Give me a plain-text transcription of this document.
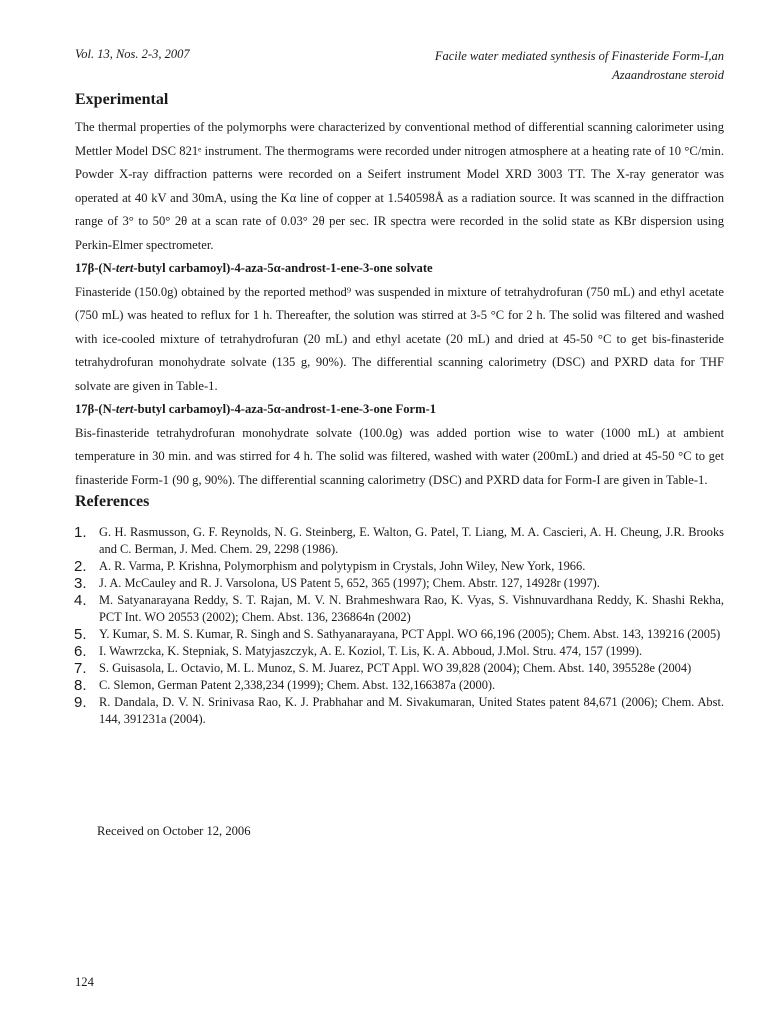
Vol. 13, Nos. 2-3, 2007	Facile water mediated synthesis of Finasteride Form-I,an
Azaandrostane steroid
Experimental

The thermal properties of the polymorphs were characterized by conventional method of differential scanning calorimeter using Mettler Model DSC 821ᵉ instrument. The thermograms were recorded under nitrogen atmosphere at a heating rate of 10 °C/min. Powder X-ray diffraction patterns were recorded on a Seifert instrument Model XRD 3003 TT. The X-ray generator was operated at 40 kV and 30mA, using the Kα line of copper at 1.540598Å as a radiation source. It was scanned in the diffraction range of 3° to 50° 2θ at a scan rate of 0.03° 2θ per sec. IR spectra were recorded in the solid state as KBr dispersion using Perkin-Elmer spectrometer.

17β-(N-tert-butyl carbamoyl)-4-aza-5α-androst-1-ene-3-one solvate

Finasteride (150.0g) obtained by the reported method⁹ was suspended in mixture of tetrahydrofuran (750 mL) and ethyl acetate (750 mL) was heated to reflux for 1 h. Thereafter, the solution was stirred at 3-5 °C for 2 h. The solid was filtered and washed with ice-cooled mixture of tetrahydrofuran (20 mL) and ethyl acetate (20 mL) and dried at 45-50 °C to get bis-finasteride tetrahydrofuran monohydrate solvate (135 g, 90%). The differential scanning calorimetry (DSC) and PXRD data for THF solvate are given in Table-1.

17β-(N-tert-butyl carbamoyl)-4-aza-5α-androst-1-ene-3-one Form-1

Bis-finasteride tetrahydrofuran monohydrate solvate (100.0g) was added portion wise to water (1000 mL) at ambient temperature in 30 min. and was stirred for 4 h. The solid was filtered, washed with water (200mL) and dried at 45-50 °C to get finasteride Form-1 (90 g, 90%). The differential scanning calorimetry (DSC) and PXRD data for Form-I are given in Table-1.

References
1. G. H. Rasmusson, G. F. Reynolds, N. G. Steinberg, E. Walton, G. Patel, T. Liang, M. A. Cascieri, A. H. Cheung, J.R. Brooks and C. Berman, J. Med. Chem. 29, 2298 (1986).
2. A. R. Varma, P. Krishna, Polymorphism and polytypism in Crystals, John Wiley, New York, 1966.
3. J. A. McCauley and R. J. Varsolona, US Patent 5, 652, 365 (1997); Chem. Abstr. 127, 14928r (1997).
4. M. Satyanarayana Reddy, S. T. Rajan, M. V. N. Brahmeshwara Rao, K. Vyas, S. Vishnuvardhana Reddy, K. Shashi Rekha, PCT Int. WO 20553 (2002); Chem. Abst. 136, 236864n (2002)
5. Y. Kumar, S. M. S. Kumar, R. Singh and S. Sathyanarayana, PCT Appl. WO 66,196 (2005); Chem. Abst. 143, 139216 (2005)
6. I. Wawrzcka, K. Stepniak, S. Matyjaszczyk, A. E. Koziol, T. Lis, K. A. Abboud, J.Mol. Stru. 474, 157 (1999).
7. S. Guisasola, L. Octavio, M. L. Munoz, S. M. Juarez, PCT Appl. WO 39,828 (2004); Chem. Abst. 140, 395528e (2004)
8. C. Slemon, German Patent 2,338,234 (1999); Chem. Abst. 132,166387a (2000).
9. R. Dandala, D. V. N. Srinivasa Rao, K. J. Prabhahar and M. Sivakumaran, United States patent 84,671 (2006); Chem. Abst. 144, 391231a (2004).
Received on October 12, 2006
124
